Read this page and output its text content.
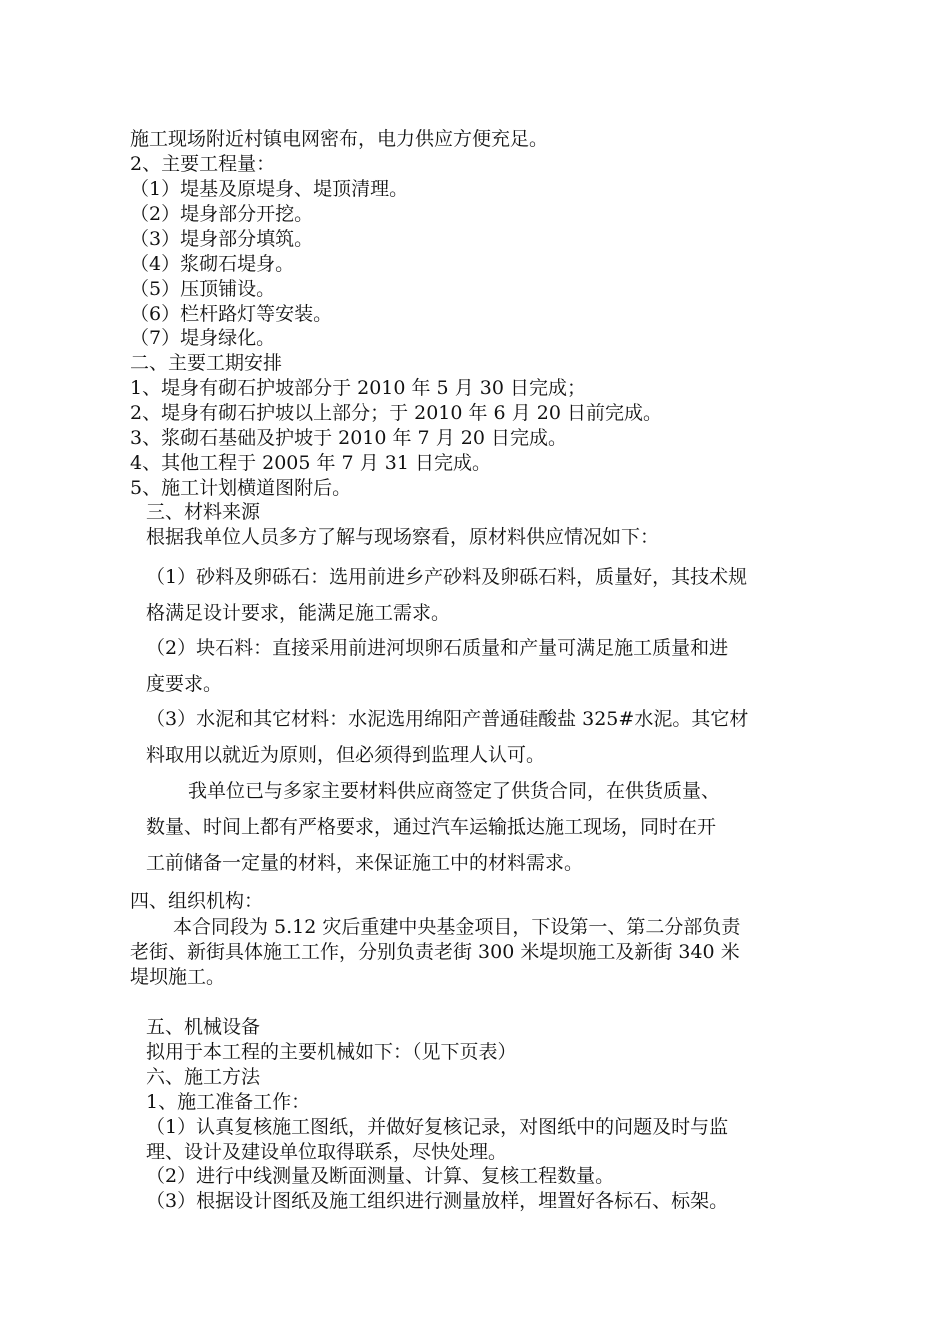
施工现场附近村镇电网密布，电力供应方便充足。

2、主要工程量：

（1）堤基及原堤身、堤顶清理。

（2）堤身部分开挖。

（3）堤身部分填筑。

（4）浆砌石堤身。

（5）压顶铺设。

（6）栏杆路灯等安装。

（7）堤身绿化。

二、主要工期安排

1、堤身有砌石护坡部分于 2010 年 5 月 30 日完成；

2、堤身有砌石护坡以上部分；于 2010 年 6 月 20 日前完成。

3、浆砌石基础及护坡于 2010 年 7 月 20 日完成。

4、其他工程于 2005 年 7 月 31 日完成。

5、施工计划横道图附后。

三、材料来源

根据我单位人员多方了解与现场察看，原材料供应情况如下：

（1）砂料及卵砾石：选用前进乡产砂料及卵砾石料，质量好，其技术规

格满足设计要求，能满足施工需求。

（2）块石料：直接采用前进河坝卵石质量和产量可满足施工质量和进

度要求。

（3）水泥和其它材料：水泥选用绵阳产普通硅酸盐 325#水泥。其它材

料取用以就近为原则，但必须得到监理人认可。

我单位已与多家主要材料供应商签定了供货合同，在供货质量、

数量、时间上都有严格要求，通过汽车运输抵达施工现场，同时在开

工前储备一定量的材料，来保证施工中的材料需求。

四、组织机构：

本合同段为 5.12 灾后重建中央基金项目，下设第一、第二分部负责

老街、新街具体施工工作，分别负责老街 300 米堤坝施工及新街 340 米

堤坝施工。

五、机械设备

拟用于本工程的主要机械如下：（见下页表）

六、施工方法

1、施工准备工作：

（1）认真复核施工图纸，并做好复核记录，对图纸中的问题及时与监

理、设计及建设单位取得联系，尽快处理。

（2）进行中线测量及断面测量、计算、复核工程数量。

（3）根据设计图纸及施工组织进行测量放样，埋置好各标石、标架。
